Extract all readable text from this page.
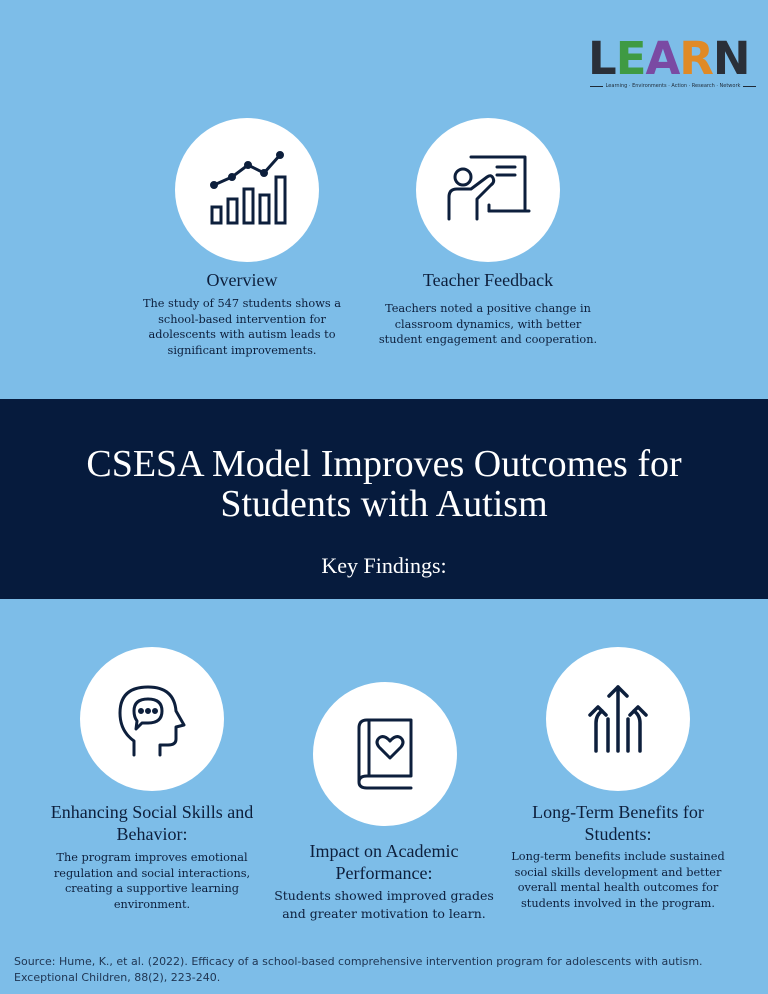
LEARN
Learning · Environments · Action · Research · Network
Overview
The study of 547 students shows a
school-based intervention for
adolescents with autism leads to
significant improvements.
Teacher Feedback
Teachers noted a positive change in
classroom dynamics, with better
student engagement and cooperation.
CSESA Model Improves Outcomes for
Students with Autism
Key Findings:
Enhancing Social Skills and
Behavior:
The program improves emotional
regulation and social interactions,
creating a supportive learning
environment.
Impact on Academic
Performance:
Students showed improved grades
and greater motivation to learn.
Long-Term Benefits for
Students:
Long-term benefits include sustained
social skills development and better
overall mental health outcomes for
students involved in the program.
Source: Hume, K., et al. (2022). Efficacy of a school-based comprehensive intervention program for adolescents with autism. Exceptional Children, 88(2), 223-240.
